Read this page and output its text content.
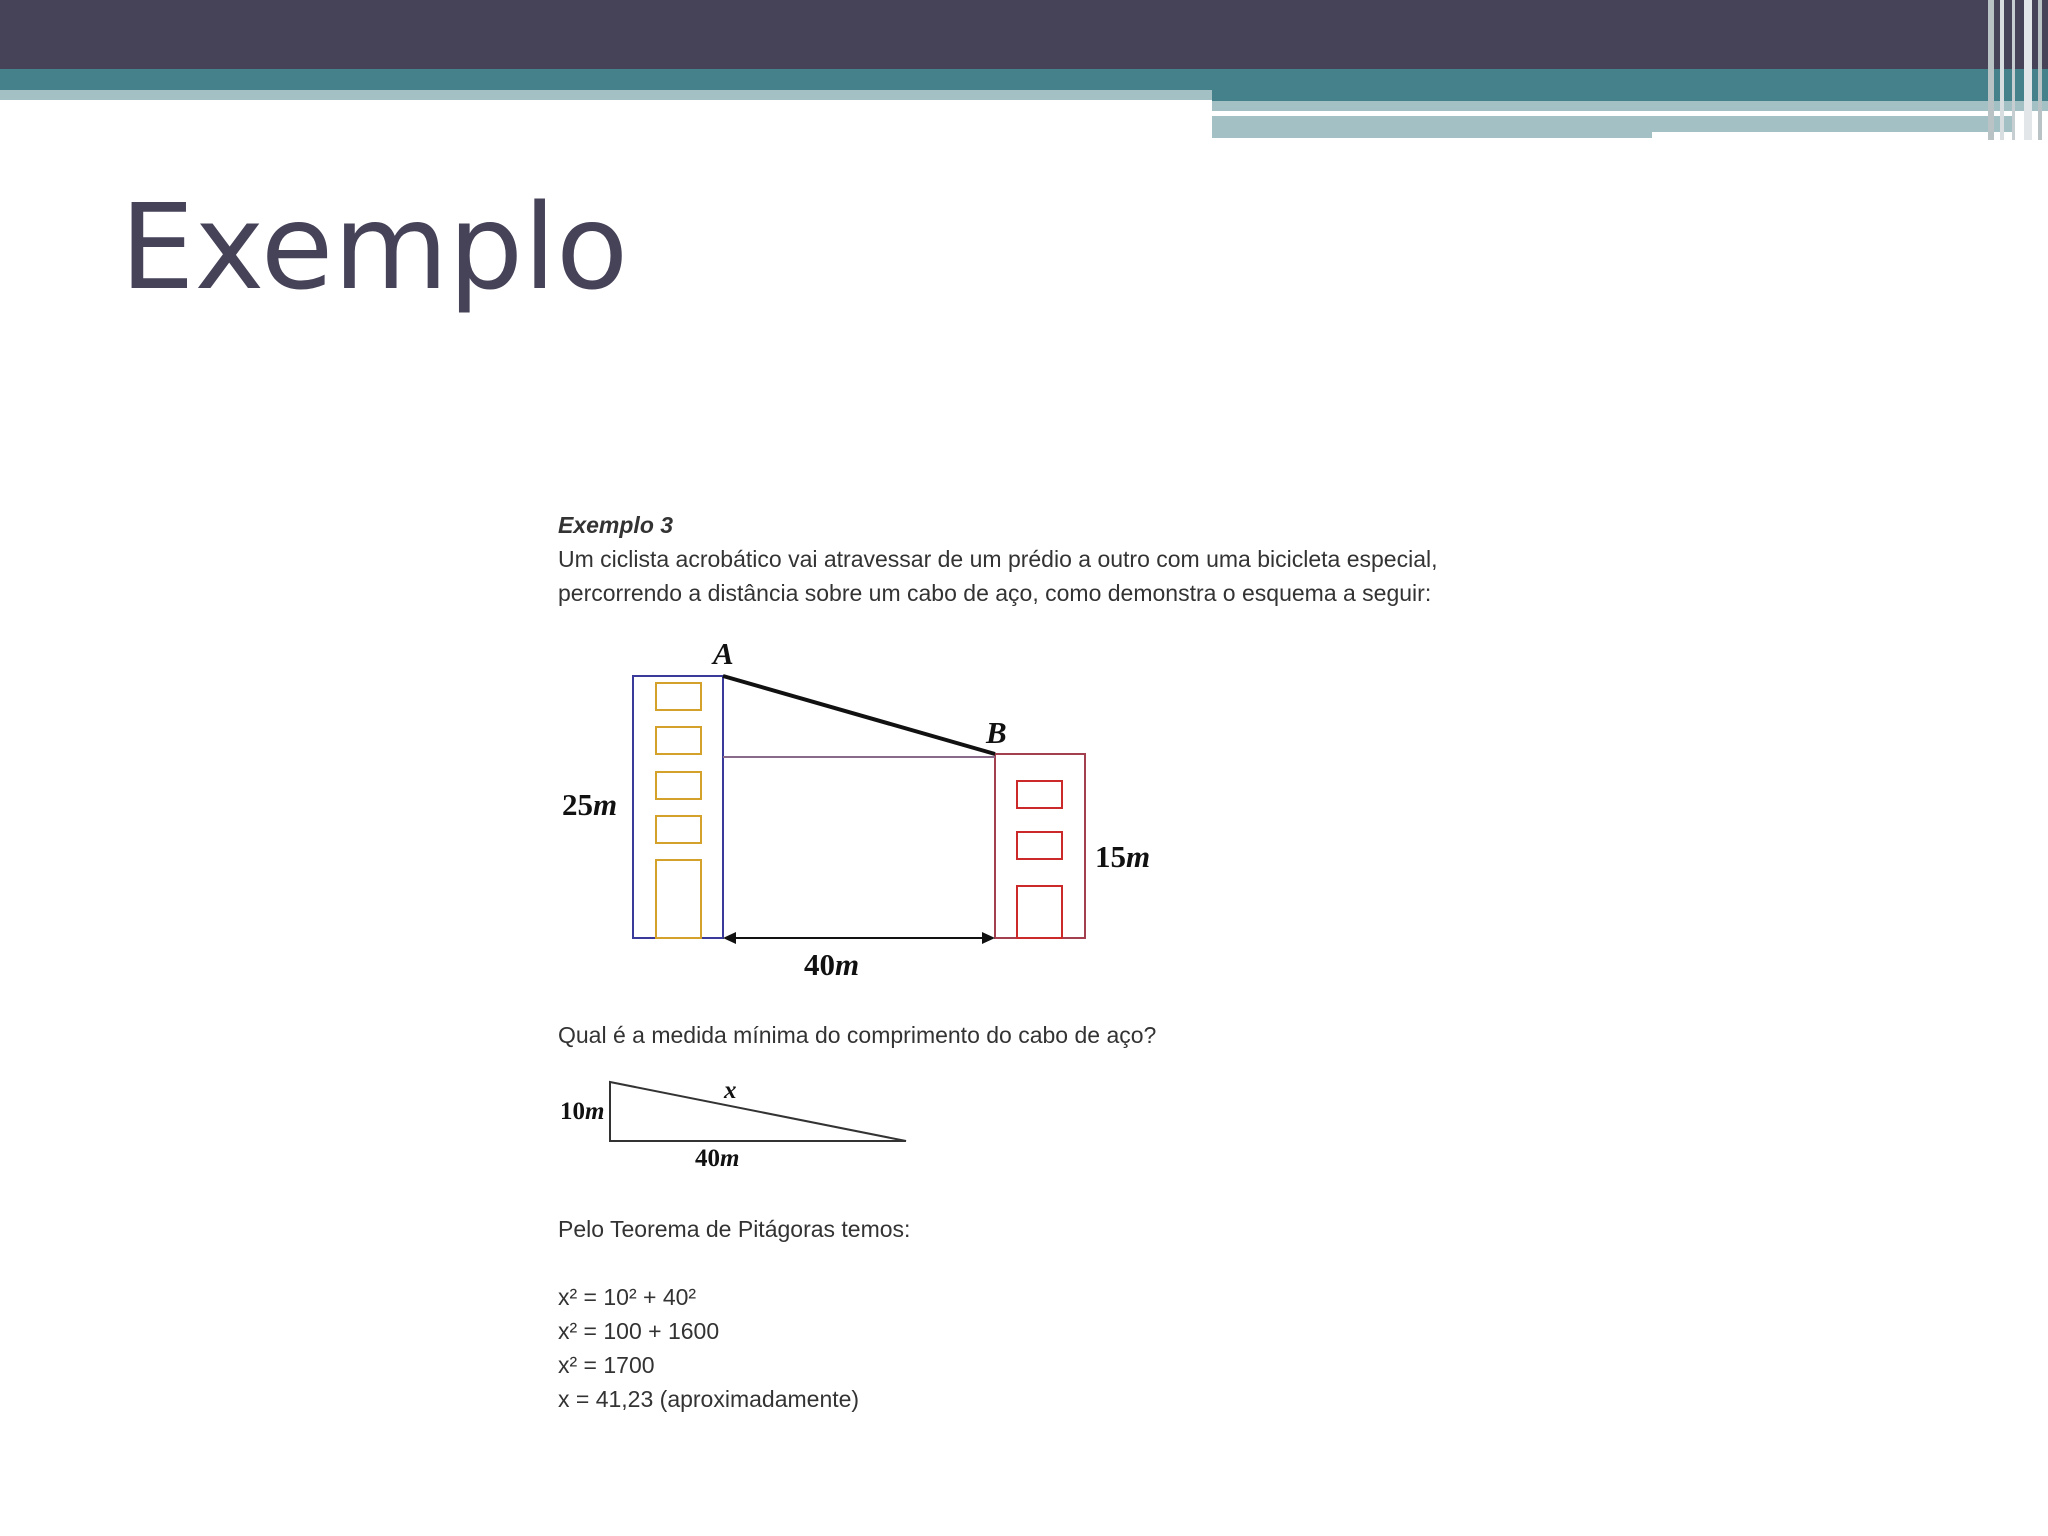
Exemplo

Exemplo 3

Um ciclista acrobático vai atravessar de um prédio a outro com uma bicicleta especial,

percorrendo a distância sobre um cabo de aço, como demonstra o esquema a seguir:

A
B
25m
15m
40m

Qual é a medida mínima do comprimento do cabo de aço?

10m
40m
x

Pelo Teorema de Pitágoras temos:

x² = 10² + 40²

x² = 100 + 1600

x² = 1700

x = 41,23 (aproximadamente)
